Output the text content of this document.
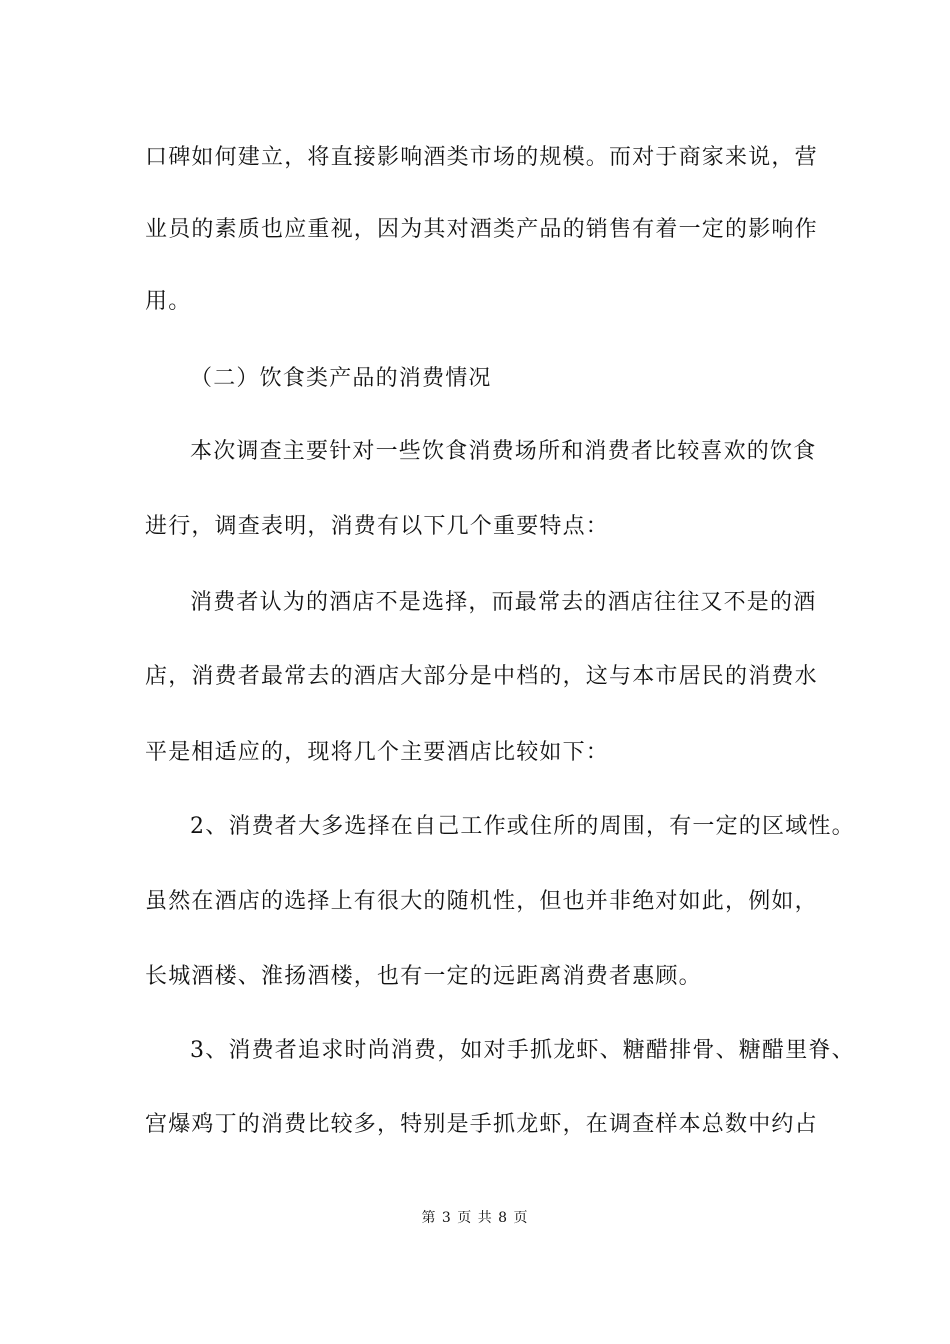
口碑如何建立，将直接影响酒类市场的规模。而对于商家来说，营
业员的素质也应重视，因为其对酒类产品的销售有着一定的影响作
用。
（二）饮食类产品的消费情况
本次调查主要针对一些饮食消费场所和消费者比较喜欢的饮食
进行，调查表明，消费有以下几个重要特点：
消费者认为的酒店不是选择，而最常去的酒店往往又不是的酒
店，消费者最常去的酒店大部分是中档的，这与本市居民的消费水
平是相适应的，现将几个主要酒店比较如下：
2、消费者大多选择在自己工作或住所的周围，有一定的区域性。
虽然在酒店的选择上有很大的随机性，但也并非绝对如此，例如，
长城酒楼、淮扬酒楼，也有一定的远距离消费者惠顾。
3、消费者追求时尚消费，如对手抓龙虾、糖醋排骨、糖醋里脊、
宫爆鸡丁的消费比较多，特别是手抓龙虾，在调查样本总数中约占
第 3 页 共 8 页
